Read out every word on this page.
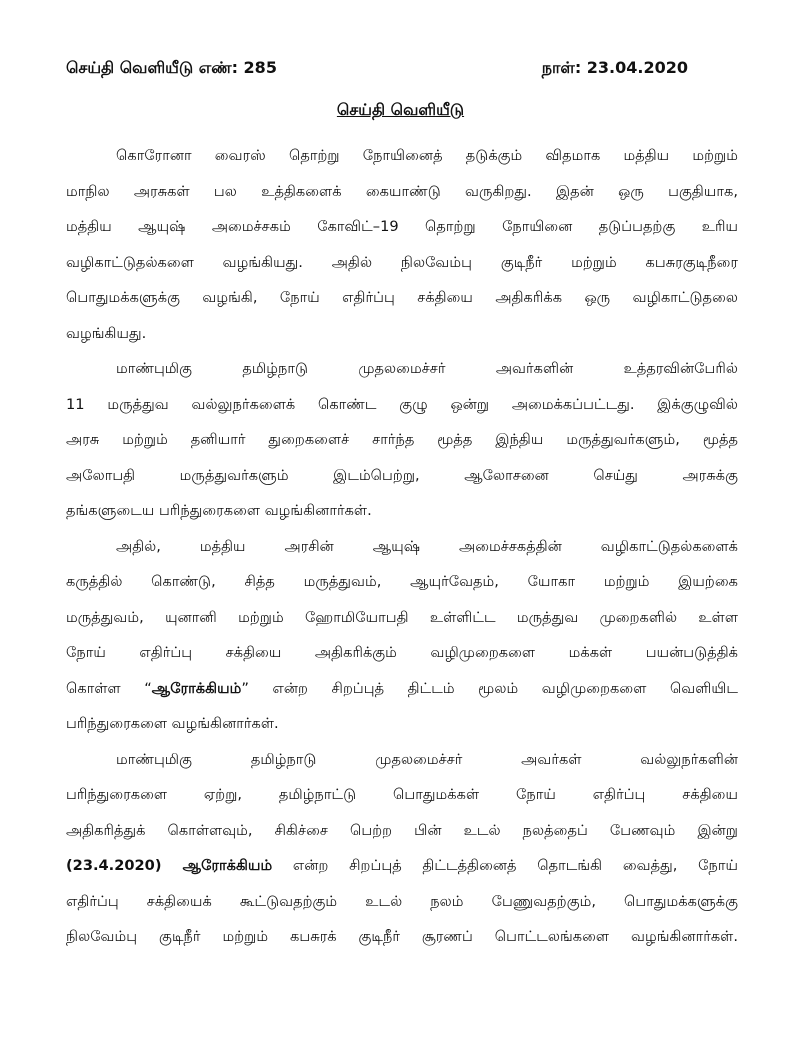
செய்தி வெளியீடு எண்: 285	நாள்: 23.04.2020
செய்தி வெளியீடு
கொரோனா வைரஸ் தொற்று நோயினைத் தடுக்கும் விதமாக மத்திய மற்றும்
மாநில அரசுகள் பல உத்திகளைக் கையாண்டு வருகிறது. இதன் ஒரு பகுதியாக,
மத்திய ஆயுஷ் அமைச்சகம் கோவிட்–19 தொற்று நோயினை தடுப்பதற்கு உரிய
வழிகாட்டுதல்களை வழங்கியது. அதில் நிலவேம்பு குடிநீர் மற்றும் கபசுரகுடிநீரை
பொதுமக்களுக்கு வழங்கி, நோய் எதிர்ப்பு சக்தியை அதிகரிக்க ஒரு வழிகாட்டுதலை
வழங்கியது.
மாண்புமிகு தமிழ்நாடு முதலமைச்சர் அவர்களின் உத்தரவின்பேரில்
11 மருத்துவ வல்லுநர்களைக் கொண்ட குழு ஒன்று அமைக்கப்பட்டது. இக்குழுவில்
அரசு மற்றும் தனியார் துறைகளைச் சார்ந்த மூத்த இந்திய மருத்துவர்களும், மூத்த
அலோபதி மருத்துவர்களும் இடம்பெற்று, ஆலோசனை செய்து அரசுக்கு
தங்களுடைய பரிந்துரைகளை வழங்கினார்கள்.
அதில், மத்திய அரசின் ஆயுஷ் அமைச்சகத்தின் வழிகாட்டுதல்களைக்
கருத்தில் கொண்டு, சித்த மருத்துவம், ஆயுர்வேதம், யோகா மற்றும் இயற்கை
மருத்துவம், யுனானி மற்றும் ஹோமியோபதி உள்ளிட்ட மருத்துவ முறைகளில் உள்ள
நோய் எதிர்ப்பு சக்தியை அதிகரிக்கும் வழிமுறைகளை மக்கள் பயன்படுத்திக்
கொள்ள “ஆரோக்கியம்” என்ற சிறப்புத் திட்டம் மூலம் வழிமுறைகளை வெளியிட
பரிந்துரைகளை வழங்கினார்கள்.
மாண்புமிகு தமிழ்நாடு முதலமைச்சர் அவர்கள் வல்லுநர்களின்
பரிந்துரைகளை ஏற்று, தமிழ்நாட்டு பொதுமக்கள் நோய் எதிர்ப்பு சக்தியை
அதிகரித்துக் கொள்ளவும், சிகிச்சை பெற்ற பின் உடல் நலத்தைப் பேணவும் இன்று
(23.4.2020) ஆரோக்கியம் என்ற சிறப்புத் திட்டத்தினைத் தொடங்கி வைத்து, நோய்
எதிர்ப்பு சக்தியைக் கூட்டுவதற்கும் உடல் நலம் பேணுவதற்கும், பொதுமக்களுக்கு
நிலவேம்பு குடிநீர் மற்றும் கபசுரக் குடிநீர் சூரணப் பொட்டலங்களை வழங்கினார்கள்.
